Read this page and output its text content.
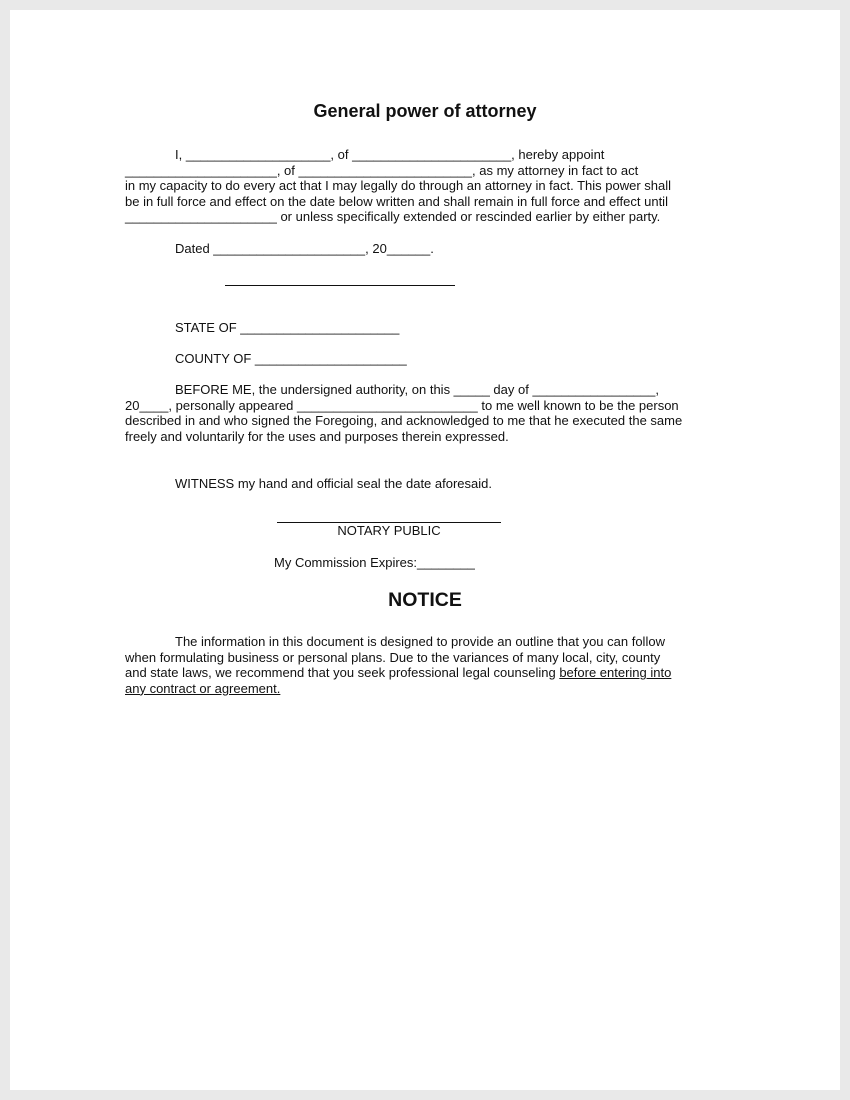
General power of attorney
I, ____________________, of ______________________, hereby appoint
_____________________, of ________________________, as my attorney in fact to act
in my capacity to do every act that I may legally do through an attorney in fact. This power shall
be in full force and effect on the date below written and shall remain in full force and effect until
_____________________ or unless specifically extended or rescinded earlier by either party.
Dated _____________________, 20______.
STATE OF ______________________
COUNTY OF _____________________
BEFORE ME, the undersigned authority, on this _____ day of _________________,
20____, personally appeared _________________________ to me well known to be the person
described in and who signed the Foregoing, and acknowledged to me that he executed the same
freely and voluntarily for the uses and purposes therein expressed.
WITNESS my hand and official seal the date aforesaid.
NOTARY PUBLIC
My Commission Expires:________
NOTICE
The information in this document is designed to provide an outline that you can follow
when formulating business or personal plans. Due to the variances of many local, city, county
and state laws, we recommend that you seek professional legal counseling before entering into
any contract or agreement.
